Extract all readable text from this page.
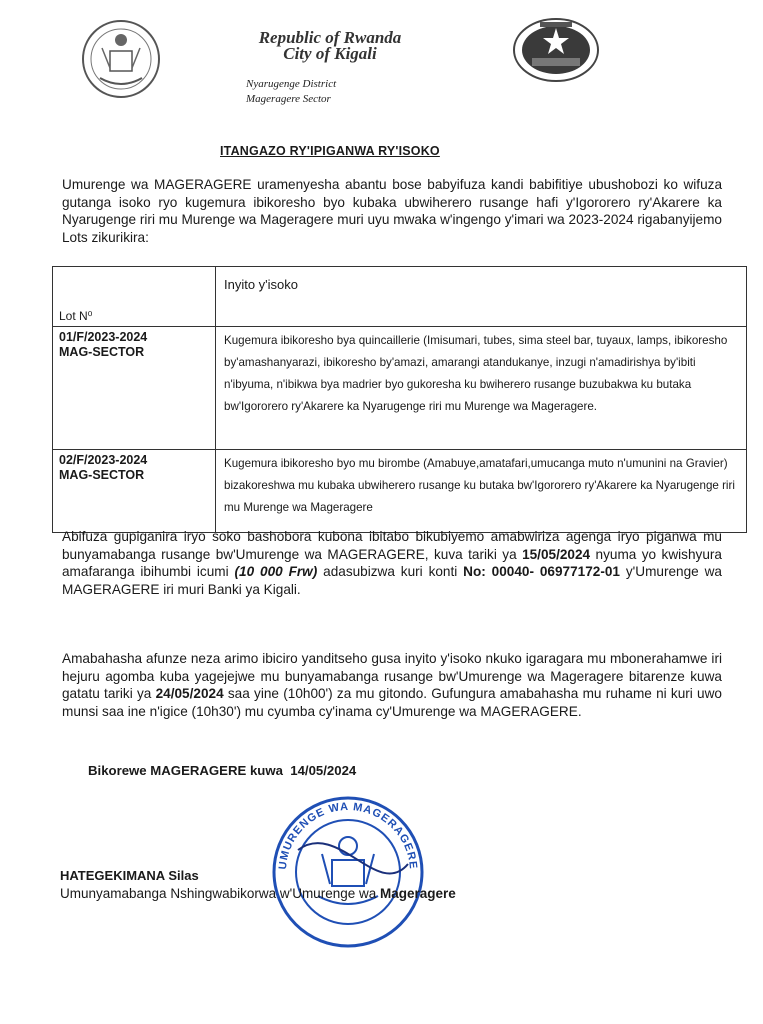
Republic of Rwanda
City of Kigali
Nyarugenge District
Mageragere Sector
ITANGAZO RY'IPIGANWA RY'ISOKO
Umurenge wa MAGERAGERE uramenyesha abantu bose babyifuza kandi babifitiye ubushobozi ko wifuza gutanga isoko ryo kugemura ibikoresho byo kubaka ubwiherero rusange hafi y'Igororero ry'Akarere ka Nyarugenge riri mu Murenge wa Mageragere muri uyu mwaka w'ingengo y'imari wa 2023-2024 rigabanyijemo Lots zikurikira:
Lot N⁰	Inyito y'isoko

01/F/2023-2024
MAG-SECTOR	Kugemura ibikoresho bya quincaillerie (Imisumari, tubes, sima steel bar, tuyaux, lamps, ibikoresho by'amashanyarazi, ibikoresho by'amazi, amarangi atandukanye, inzugi n'amadirishya by'ibiti n'ibyuma, n'ibikwa bya madrier byo gukoresha ku bwiherero rusange buzubakwa ku butaka bw'Igororero ry'Akarere ka Nyarugenge riri mu Murenge wa Mageragere.

02/F/2023-2024
MAG-SECTOR	Kugemura ibikoresho byo mu birombe (Amabuye,amatafari,umucanga muto n'umunini na Gravier) bizakoreshwa mu kubaka ubwiherero rusange ku butaka bw'Igororero ry'Akarere ka Nyarugenge riri mu Murenge wa Mageragere
Abifuza gupiganira iryo soko bashobora kubona ibitabo bikubiyemo amabwiriza agenga iryo piganwa mu bunyamabanga rusange bw'Umurenge wa MAGERAGERE, kuva tariki ya 15/05/2024 nyuma yo kwishyura amafaranga ibihumbi icumi (10 000 Frw) adasubizwa kuri konti No: 00040- 06977172-01 y'Umurenge wa MAGERAGERE iri muri Banki ya Kigali.
Amabahasha afunze neza arimo ibiciro yanditseho gusa inyito y'isoko nkuko igaragara mu mbonerahamwe iri hejuru agomba kuba yagejejwe mu bunyamabanga rusange bw'Umurenge wa Mageragere bitarenze kuwa gatatu tariki ya 24/05/2024 saa yine (10h00') za mu gitondo. Gufungura amabahasha mu ruhame ni kuri uwo munsi saa ine n'igice (10h30') mu cyumba cy'inama cy'Umurenge wa MAGERAGERE.
Bikorewe MAGERAGERE kuwa 14/05/2024
UMURENGE WA MAGERAGERE
HATEGEKIMANA Silas
Umunyamabanga Nshingwabikorwa w'Umurenge wa Mageragere
